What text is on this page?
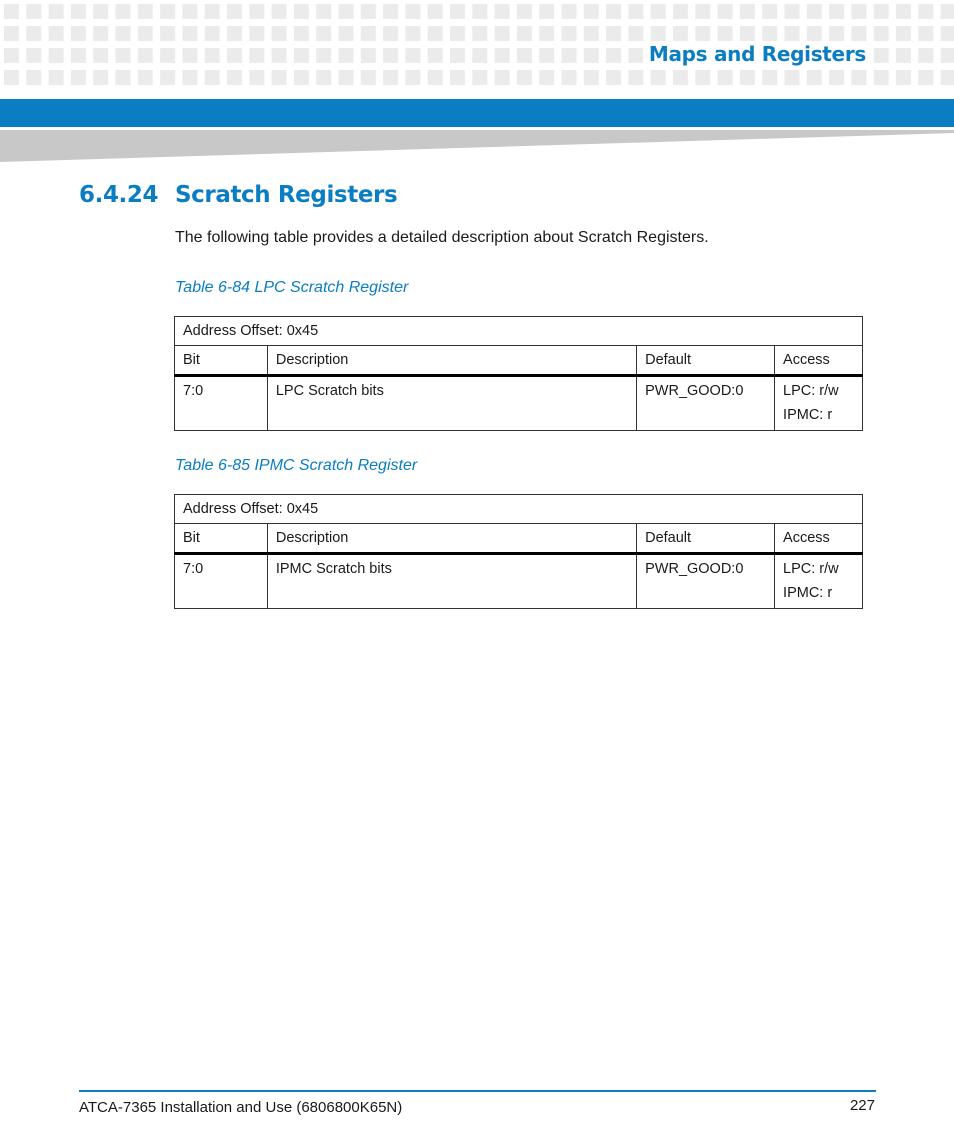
Maps and Registers
6.4.24 Scratch Registers
The following table provides a detailed description about Scratch Registers.
Table 6-84 LPC Scratch Register
Address Offset: 0x45			
Bit	Description	Default	Access
7:0	LPC Scratch bits	PWR_GOOD:0	LPC: r/w
IPMC: r
Table 6-85 IPMC Scratch Register
Address Offset: 0x45			
Bit	Description	Default	Access
7:0	IPMC Scratch bits	PWR_GOOD:0	LPC: r/w
IPMC: r
ATCA-7365 Installation and Use (6806800K65N)	227
